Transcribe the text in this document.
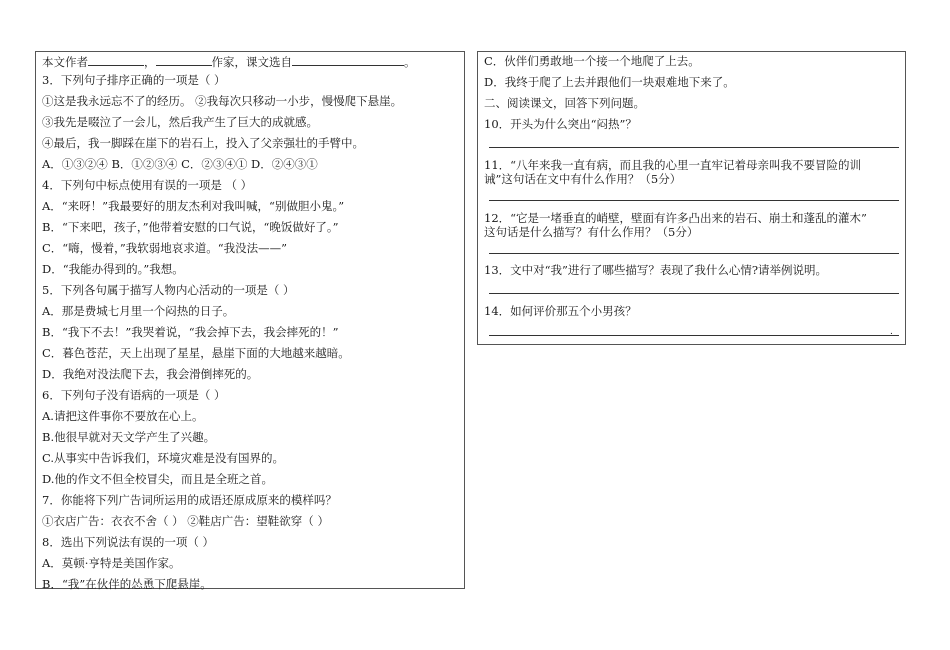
本文作者	，	作家，课文选自	。
3．下列句子排序正确的一项是（ ）
①这是我永远忘不了的经历。 ②我每次只移动一小步，慢慢爬下悬崖。
③我先是啜泣了一会儿，然后我产生了巨大的成就感。
④最后，我一脚踩在崖下的岩石上，投入了父亲强壮的手臂中。
A．①③②④ B．①②③④ C．②③④① D．②④③①
4．下列句中标点使用有误的一项是 （ ）
A．“来呀！”我最要好的朋友杰利对我叫喊，“别做胆小鬼。”
B．“下来吧，孩子，”他带着安慰的口气说，“晚饭做好了。”
C．“嗨，慢着，”我软弱地哀求道。“我没法——”
D．“我能办得到的。”我想。
5．下列各句属于描写人物内心活动的一项是（ ）
A．那是费城七月里一个闷热的日子。
B．“我下不去！”我哭着说，“我会掉下去，我会摔死的！”
C．暮色苍茫，天上出现了星星，悬崖下面的大地越来越暗。
D．我绝对没法爬下去，我会滑倒摔死的。
6．下列句子没有语病的一项是（ ）
A.请把这件事你不要放在心上。
B.他很早就对天文学产生了兴趣。
C.从事实中告诉我们，环境灾难是没有国界的。
D.他的作文不但全校冒尖，而且是全班之首。
7．你能将下列广告词所运用的成语还原成原来的模样吗？
①衣店广告：衣衣不舍（ ） ②鞋店广告：望鞋欲穿（ ）
8．选出下列说法有误的一项（ ）
A．莫顿·亨特是美国作家。
B．“我”在伙伴的怂恿下爬悬崖。
C．伙伴们勇敢地一个接一个地爬了上去。
D．我终于爬了上去并跟他们一块艰难地下来了。
二、阅读课文，回答下列问题。
10．开头为什么突出“闷热”？
11．“八年来我一直有病，而且我的心里一直牢记着母亲叫我不要冒险的训
诫”这句话在文中有什么作用？（5分）
12．“它是一堵垂直的峭壁，壁面有许多凸出来的岩石、崩土和蓬乱的灌木”
这句话是什么描写？有什么作用？（5分）
13．文中对“我”进行了哪些描写？表现了我什么心情?请举例说明。
14．如何评价那五个小男孩？
.
